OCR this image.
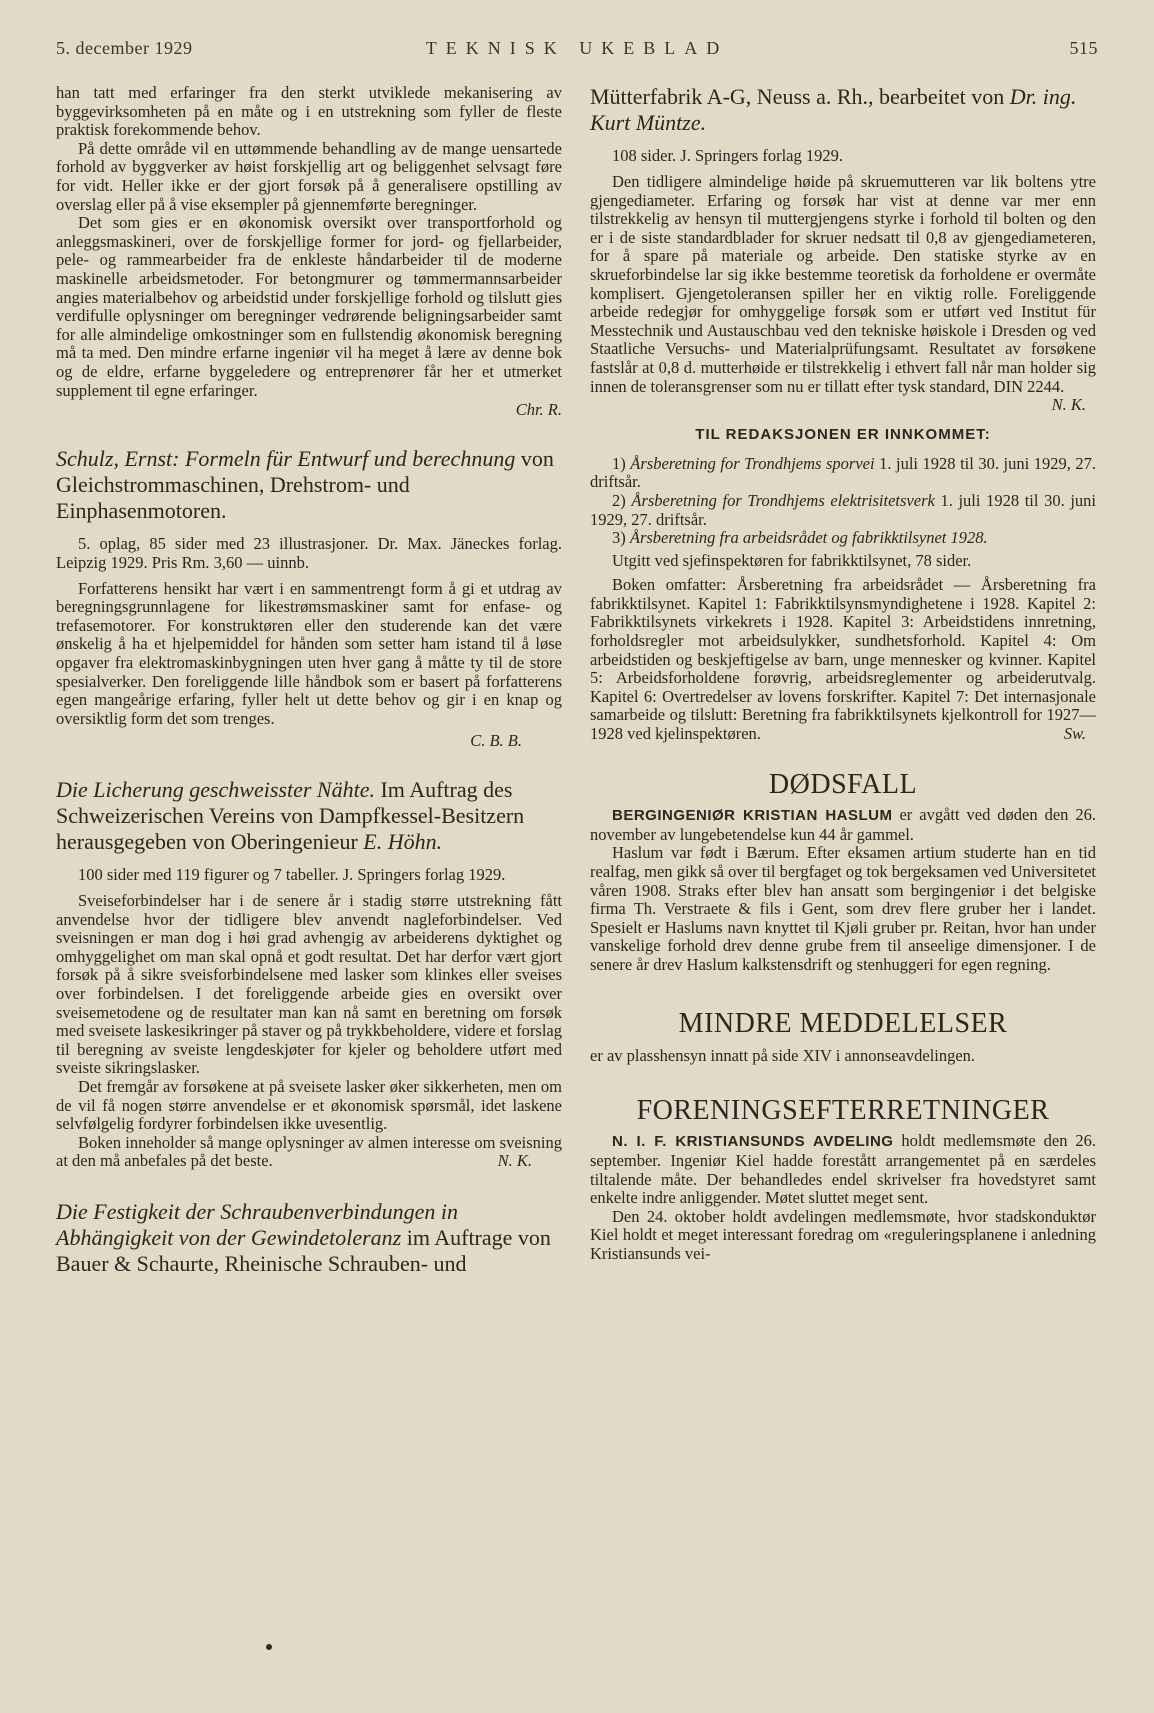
5. december 1929	TEKNISK UKEBLAD	515

han tatt med erfaringer fra den sterkt utviklede mekanisering av byggevirksomheten på en måte og i en utstrekning som fyller de fleste praktisk forekommende behov.

På dette område vil en uttømmende behandling av de mange uensartede forhold av byggverker av høist forskjellig art og beliggenhet selvsagt føre for vidt. Heller ikke er der gjort forsøk på å generalisere opstilling av overslag eller på å vise eksempler på gjennemførte beregninger.

Det som gies er en økonomisk oversikt over transportforhold og anleggsmaskineri, over de forskjellige former for jord- og fjellarbeider, pele- og rammearbeider fra de enkleste håndarbeider til de moderne maskinelle arbeidsmetoder. For betongmurer og tømmermannsarbeider angies materialbehov og arbeidstid under forskjellige forhold og tilslutt gies verdifulle oplysninger om beregninger vedrørende beligningsarbeider samt for alle almindelige omkostninger som en fullstendig økonomisk beregning må ta med. Den mindre erfarne ingeniør vil ha meget å lære av denne bok og de eldre, erfarne byggeledere og entreprenører får her et utmerket supplement til egne erfaringer.

Chr. R.

Schulz, Ernst: Formeln für Entwurf und berechnung von Gleichstrommaschinen, Drehstrom- und Einphasenmotoren.

5. oplag, 85 sider med 23 illustrasjoner. Dr. Max. Jäneckes forlag. Leipzig 1929. Pris Rm. 3,60 — uinnb.

Forfatterens hensikt har vært i en sammentrengt form å gi et utdrag av beregningsgrunnlagene for likestrømsmaskiner samt for enfase- og trefasemotorer. For konstruktøren eller den studerende kan det være ønskelig å ha et hjelpemiddel for hånden som setter ham istand til å løse opgaver fra elektromaskinbygningen uten hver gang å måtte ty til de store spesialverker. Den foreliggende lille håndbok som er basert på forfatterens egen mangeårige erfaring, fyller helt ut dette behov og gir i en knap og oversiktlig form det som trenges.

C. B. B.

Die Licherung geschweisster Nähte. Im Auftrag des Schweizerischen Vereins von Dampfkessel-Besitzern herausgegeben von Oberingenieur E. Höhn.

100 sider med 119 figurer og 7 tabeller. J. Springers forlag 1929.

Sveiseforbindelser har i de senere år i stadig større utstrekning fått anvendelse hvor der tidligere blev anvendt nagleforbindelser. Ved sveisningen er man dog i høi grad avhengig av arbeiderens dyktighet og omhyggelighet om man skal opnå et godt resultat. Det har derfor vært gjort forsøk på å sikre sveisforbindelsene med lasker som klinkes eller sveises over forbindelsen. I det foreliggende arbeide gies en oversikt over sveisemetodene og de resultater man kan nå samt en beretning om forsøk med sveisete laskesikringer på staver og på trykkbeholdere, videre et forslag til beregning av sveiste lengdeskjøter for kjeler og beholdere utført med sveiste sikringslasker.

Det fremgår av forsøkene at på sveisete lasker øker sikkerheten, men om de vil få nogen større anvendelse er et økonomisk spørsmål, idet laskene selvfølgelig fordyrer forbindelsen ikke uvesentlig.

Boken inneholder så mange oplysninger av almen interesse om sveisning at den må anbefales på det beste.	N. K.

Die Festigkeit der Schraubenverbindungen in Abhängigkeit von der Gewindetoleranz im Auftrage von Bauer & Schaurte, Rheinische Schrauben- und

Mütterfabrik A-G, Neuss a. Rh., bearbeitet von Dr. ing. Kurt Müntze.

108 sider. J. Springers forlag 1929.

Den tidligere almindelige høide på skruemutteren var lik boltens ytre gjengediameter. Erfaring og forsøk har vist at denne var mer enn tilstrekkelig av hensyn til muttergjengens styrke i forhold til bolten og den er i de siste standardblader for skruer nedsatt til 0,8 av gjengediameteren, for å spare på materiale og arbeide. Den statiske styrke av en skrueforbindelse lar sig ikke bestemme teoretisk da forholdene er overmåte komplisert. Gjengetoleransen spiller her en viktig rolle. Foreliggende arbeide redegjør for omhyggelige forsøk som er utført ved Institut für Messtechnik und Austauschbau ved den tekniske høiskole i Dresden og ved Staatliche Versuchs- und Materialprüfungsamt. Resultatet av forsøkene fastslår at 0,8 d. mutterhøide er tilstrekkelig i ethvert fall når man holder sig innen de toleransgrenser som nu er tillatt efter tysk standard, DIN 2244.
N. K.

TIL REDAKSJONEN ER INNKOMMET:

1) Årsberetning for Trondhjems sporvei 1. juli 1928 til 30. juni 1929, 27. driftsår.

2) Årsberetning for Trondhjems elektrisitetsverk 1. juli 1928 til 30. juni 1929, 27. driftsår.

3) Årsberetning fra arbeidsrådet og fabrikktilsynet 1928.

Utgitt ved sjefinspektøren for fabrikktilsynet, 78 sider.

Boken omfatter: Årsberetning fra arbeidsrådet — Årsberetning fra fabrikktilsynet. Kapitel 1: Fabrikktilsynsmyndighetene i 1928. Kapitel 2: Fabrikktilsynets virkekrets i 1928. Kapitel 3: Arbeidstidens innretning, forholdsregler mot arbeidsulykker, sundhetsforhold. Kapitel 4: Om arbeidstiden og beskjeftigelse av barn, unge mennesker og kvinner. Kapitel 5: Arbeidsforholdene forøvrig, arbeidsreglementer og arbeiderutvalg. Kapitel 6: Overtredelser av lovens forskrifter. Kapitel 7: Det internasjonale samarbeide og tilslutt: Beretning fra fabrikktilsynets kjelkontroll for 1927—1928 ved kjelinspektøren.	Sw.

DØDSFALL

BERGINGENIØR KRISTIAN HASLUM er avgått ved døden den 26. november av lungebetendelse kun 44 år gammel.

Haslum var født i Bærum. Efter eksamen artium studerte han en tid realfag, men gikk så over til bergfaget og tok bergeksamen ved Universitetet våren 1908. Straks efter blev han ansatt som bergingeniør i det belgiske firma Th. Verstraete & fils i Gent, som drev flere gruber her i landet. Spesielt er Haslums navn knyttet til Kjøli gruber pr. Reitan, hvor han under vanskelige forhold drev denne grube frem til anseelige dimensjoner. I de senere år drev Haslum kalkstensdrift og stenhuggeri for egen regning.

MINDRE MEDDELELSER

er av plasshensyn innatt på side XIV i annonseavdelingen.

FORENINGSEFTERRETNINGER

N. I. F. KRISTIANSUNDS AVDELING holdt medlemsmøte den 26. september. Ingeniør Kiel hadde forestått arrangementet på en særdeles tiltalende måte. Der behandledes endel skrivelser fra hovedstyret samt enkelte indre anliggender. Møtet sluttet meget sent.

Den 24. oktober holdt avdelingen medlemsmøte, hvor stadskonduktør Kiel holdt et meget interessant foredrag om «reguleringsplanene i anledning Kristiansunds vei-
